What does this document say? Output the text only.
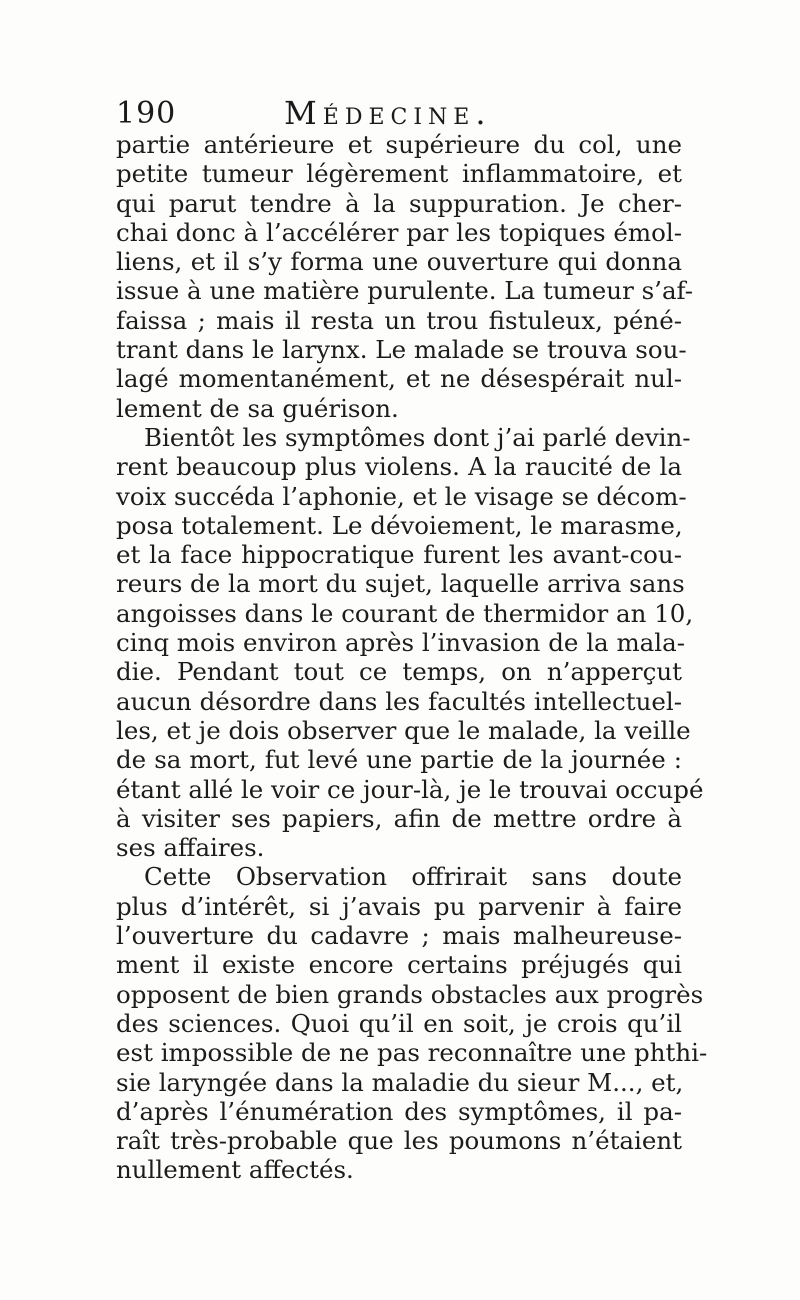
190	Médecine.
partie antérieure et supérieure du col, une
petite tumeur légèrement inflammatoire, et
qui parut tendre à la suppuration. Je cher-
chai donc à l’accélérer par les topiques émol-
liens, et il s’y forma une ouverture qui donna
issue à une matière purulente. La tumeur s’af-
faissa ; mais il resta un trou fistuleux, péné-
trant dans le larynx. Le malade se trouva sou-
lagé momentanément, et ne désespérait nul-
lement de sa guérison.
Bientôt les symptômes dont j’ai parlé devin-
rent beaucoup plus violens. A la raucité de la
voix succéda l’aphonie, et le visage se décom-
posa totalement. Le dévoiement, le marasme,
et la face hippocratique furent les avant-cou-
reurs de la mort du sujet, laquelle arriva sans
angoisses dans le courant de thermidor an 10,
cinq mois environ après l’invasion de la mala-
die. Pendant tout ce temps, on n’apperçut
aucun désordre dans les facultés intellectuel-
les, et je dois observer que le malade, la veille
de sa mort, fut levé une partie de la journée :
étant allé le voir ce jour-là, je le trouvai occupé
à visiter ses papiers, afin de mettre ordre à
ses affaires.
Cette Observation offrirait sans doute
plus d’intérêt, si j’avais pu parvenir à faire
l’ouverture du cadavre ; mais malheureuse-
ment il existe encore certains préjugés qui
opposent de bien grands obstacles aux progrès
des sciences. Quoi qu’il en soit, je crois qu’il
est impossible de ne pas reconnaître une phthi-
sie laryngée dans la maladie du sieur M..., et,
d’après l’énumération des symptômes, il pa-
raît très-probable que les poumons n’étaient
nullement affectés.
